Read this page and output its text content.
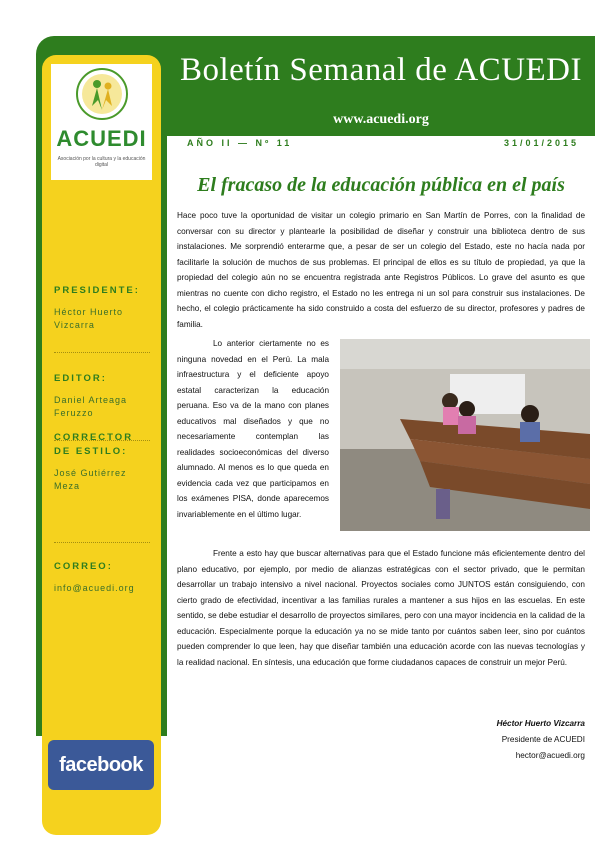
ACUEDI
Asociación por la cultura y la educación digital
PRESIDENTE:
Héctor Huerto Vizcarra
EDITOR:
Daniel Arteaga Feruzzo
CORRECTOR DE ESTILO:
José Gutiérrez Meza
CORREO:
info@acuedi.org
facebook
Boletín Semanal de ACUEDI
www.acuedi.org
AÑO II — Nº 11	31/01/2015
El fracaso de la educación pública en el país

Hace poco tuve la oportunidad de visitar un colegio primario en San Martín de Porres, con la finalidad de conversar con su director y plantearle la posibilidad de diseñar y construir una biblioteca dentro de sus instalaciones. Me sorprendió enterarme que, a pesar de ser un colegio del Estado, este no hacía nada por facilitarle la solución de muchos de sus problemas. El principal de ellos es su título de propiedad, ya que la propiedad del colegio aún no se encuentra registrada ante Registros Públicos. Lo grave del asunto es que mientras no cuente con dicho registro, el Estado no les entrega ni un sol para construir sus instalaciones. De hecho, el colegio prácticamente ha sido construido a costa del esfuerzo de su director, profesores y padres de familia.

Lo anterior ciertamente no es ninguna novedad en el Perú. La mala infraestructura y el deficiente apoyo estatal caracterizan la educación peruana. Eso va de la mano con planes educativos mal diseñados y que no necesariamente contemplan las realidades socioeconómicas del diverso alumnado. Al menos es lo que queda en evidencia cada vez que participamos en los exámenes PISA, donde aparecemos invariablemente en el último lugar.

Frente a esto hay que buscar alternativas para que el Estado funcione más eficientemente dentro del plano educativo, por ejemplo, por medio de alianzas estratégicas con el sector privado, que le permitan desarrollar un trabajo intensivo a nivel nacional. Proyectos sociales como JUNTOS están consiguiendo, con cierto grado de efectividad, incentivar a las familias rurales a mantener a sus hijos en las escuelas. En este sentido, se debe estudiar el desarrollo de proyectos similares, pero con una mayor incidencia en la calidad de la educación. Especialmente porque la educación ya no se mide tanto por cuántos saben leer, sino por cuántos pueden comprender lo que leen, hay que diseñar también una educación acorde con las nuevas tecnologías y la realidad nacional. En síntesis, una educación que forme ciudadanos capaces de construir un mejor Perú.

Héctor Huerto Vizcarra
Presidente de ACUEDI
hector@acuedi.org
